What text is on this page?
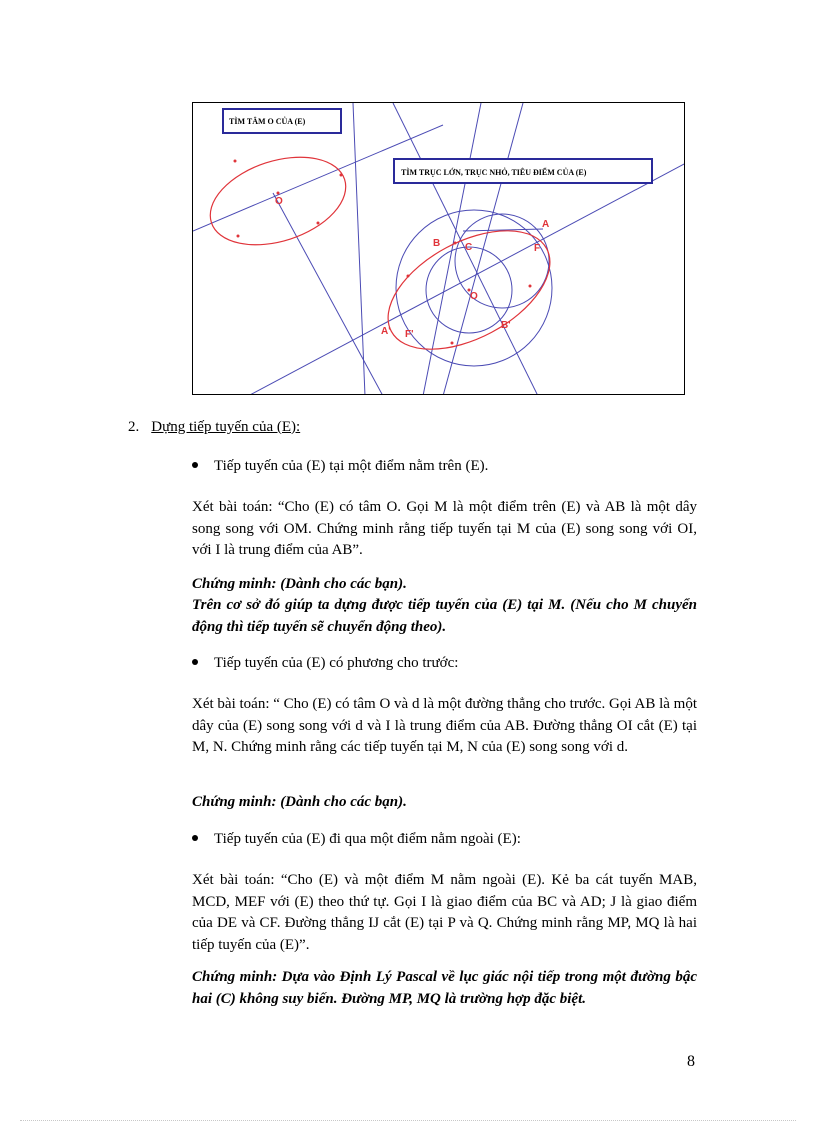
O
TÌM TÂM O CỦA (E)
A
B C	F
O
A' F'
B'
TÌM TRỤC LỚN, TRỤC NHỎ, TIÊU ĐIỂM CỦA (E)
2. Dựng tiếp tuyến của (E):
Tiếp tuyến của (E) tại một điểm nằm trên (E).
Xét bài toán: “Cho (E) có tâm O. Gọi M là một điểm trên (E) và AB là một dây song song với OM. Chứng minh rằng tiếp tuyến tại M của (E) song song với OI, với I là trung điểm của AB”.
Chứng minh: (Dành cho các bạn).
Trên cơ sở đó giúp ta dựng được tiếp tuyến của (E) tại M. (Nếu cho M chuyển động thì tiếp tuyến sẽ chuyển động theo).
Tiếp tuyến của (E) có phương cho trước:
Xét bài toán: “ Cho (E) có tâm O và d là một đường thẳng cho trước. Gọi AB là một dây của (E) song song với d và I là trung điểm của AB. Đường thẳng OI cắt (E) tại M, N. Chứng minh rằng các tiếp tuyến tại M, N của (E) song song với d.
Chứng minh: (Dành cho các bạn).
Tiếp tuyến của (E) đi qua một điểm nằm ngoài (E):
Xét bài toán: “Cho (E) và một điểm M nằm ngoài (E). Kẻ ba cát tuyến MAB, MCD, MEF với (E) theo thứ tự. Gọi I là giao điểm của BC và AD; J là giao điểm của DE và CF. Đường thẳng IJ cắt (E) tại P và Q. Chứng minh rằng MP, MQ là hai tiếp tuyến của (E)”.
Chứng minh: Dựa vào Định Lý Pascal về lục giác nội tiếp trong một đường bậc hai (C) không suy biến. Đường MP, MQ là trường hợp đặc biệt.
8
